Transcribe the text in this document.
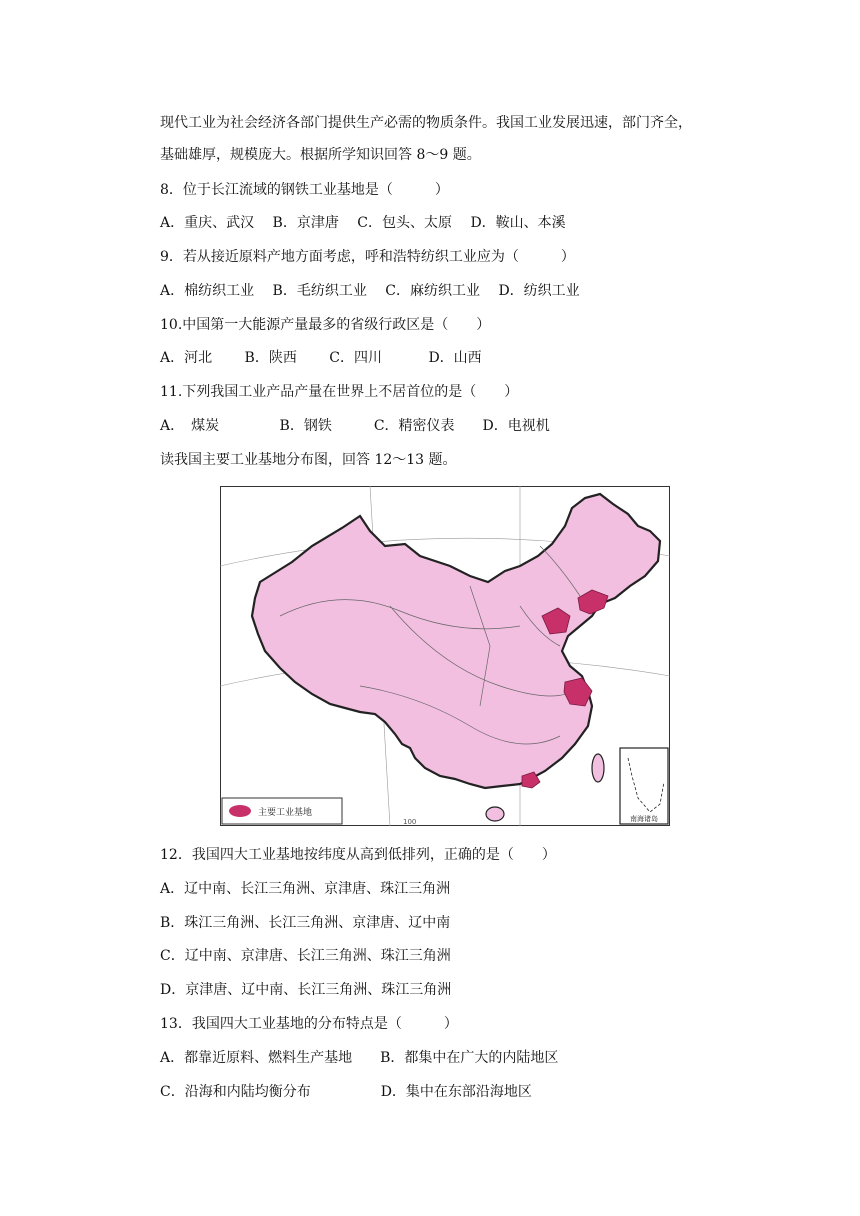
现代工业为社会经济各部门提供生产必需的物质条件。我国工业发展迅速，部门齐全，
基础雄厚，规模庞大。根据所学知识回答 8～9 题。
8．位于长江流域的钢铁工业基地是（　　　）
A．重庆、武汉　 B．京津唐　 C．包头、太原　 D．鞍山、本溪
9．若从接近原料产地方面考虑，呼和浩特纺织工业应为（　　　）
A．棉纺织工业　 B．毛纺织工业　 C．麻纺织工业　 D．纺织工业
10.中国第一大能源产量最多的省级行政区是（　　）
A．河北　　 B．陕西　　 C．四川　　　 D．山西
11.下列我国工业产品产量在世界上不居首位的是（　　）
A．　煤炭　　　　 B．钢铁　　　C．精密仪表　　D．电视机
读我国主要工业基地分布图，回答 12～13 题。
南海诸岛
主要工业基地
100
12．我国四大工业基地按纬度从高到低排列，正确的是（　　）
A．辽中南、长江三角洲、京津唐、珠江三角洲
B．珠江三角洲、长江三角洲、京津唐、辽中南
C．辽中南、京津唐、长江三角洲、珠江三角洲
D．京津唐、辽中南、长江三角洲、珠江三角洲
13．我国四大工业基地的分布特点是（　　　）
A．都靠近原料、燃料生产基地　　B．都集中在广大的内陆地区
C．沿海和内陆均衡分布　　　　　D．集中在东部沿海地区
